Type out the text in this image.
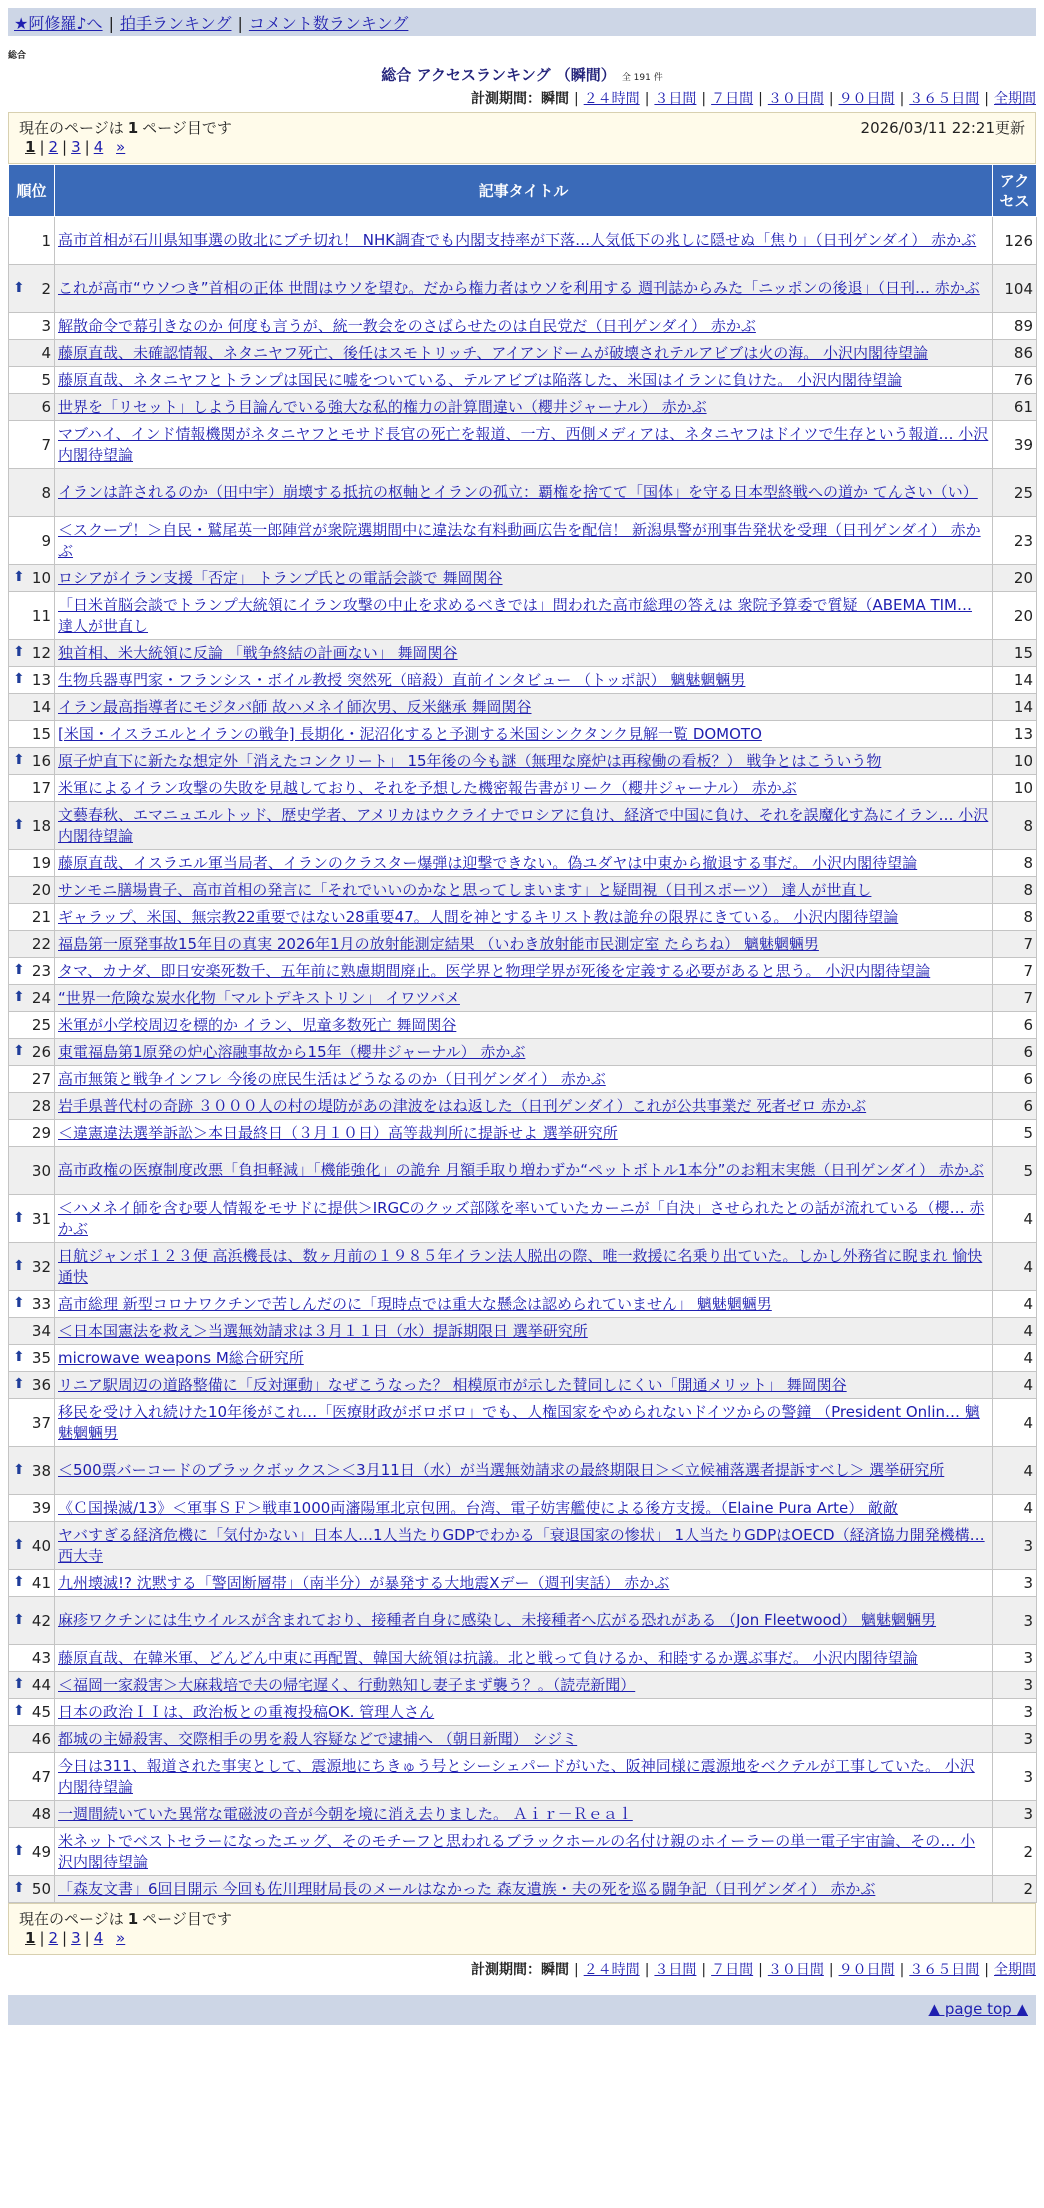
★阿修羅♪へ | 拍手ランキング | コメント数ランキング
総合
総合 アクセスランキング （瞬間） 全 191 件
計測期間：瞬間 | ２４時間 | ３日間 | ７日間 | ３０日間 | ９０日間 | ３６５日間 | 全期間
現在のページは 1 ページ目です	2026/03/11 22:21更新
1 | 2 | 3 | 4 »
順位	記事タイトル	アクセス
1	高市首相が石川県知事選の敗北にブチ切れ！ NHK調査でも内閣支持率が下落…人気低下の兆しに隠せぬ「焦り」（日刊ゲンダイ） 赤かぶ	126

⬆ 2	これが高市“ウソつき”首相の正体 世間はウソを望む。だから権力者はウソを利用する 週刊誌からみた「ニッポンの後退」（日刊… 赤かぶ	104
3	解散命令で幕引きなのか 何度も言うが、統一教会をのさばらせたのは自民党だ（日刊ゲンダイ） 赤かぶ	89
4	藤原直哉、未確認情報、ネタニヤフ死亡、後任はスモトリッチ、アイアンドームが破壊されテルアビブは火の海。 小沢内閣待望論	86
5	藤原直哉、ネタニヤフとトランプは国民に嘘をついている、テルアビブは陥落した、米国はイランに負けた。 小沢内閣待望論	76
6	世界を「リセット」しよう目論んでいる強大な私的権力の計算間違い（櫻井ジャーナル） 赤かぶ	61
7	マブハイ、インド情報機関がネタニヤフとモサド長官の死亡を報道、一方、西側メディアは、ネタニヤフはドイツで生存という報道… 小沢内閣待望論	39
8	イランは許されるのか（田中宇）崩壊する抵抗の枢軸とイランの孤立：覇権を捨てて「国体」を守る日本型終戦への道か てんさい（い）	25
9	＜スクープ！＞自民・鷲尾英一郎陣営が衆院選期間中に違法な有料動画広告を配信！ 新潟県警が刑事告発状を受理（日刊ゲンダイ） 赤かぶ	23

⬆ 10	ロシアがイラン支援「否定」 トランプ氏との電話会談で 舞岡関谷	20
11	「日米首脳会談でトランプ大統領にイラン攻撃の中止を求めるべきでは」問われた高市総理の答えは 衆院予算委で質疑（ABEMA TIM… 達人が世直し	20

⬆ 12	独首相、米大統領に反論 「戦争終結の計画ない」 舞岡関谷	15

⬆ 13	生物兵器専門家・フランシス・ボイル教授 突然死（暗殺）直前インタビュー （トッポ訳） 魑魅魍魎男	14
14	イラン最高指導者にモジタバ師 故ハメネイ師次男、反米継承 舞岡関谷	14
15	[米国・イスラエルとイランの戦争] 長期化・泥沼化すると予測する米国シンクタンク見解一覧 DOMOTO	13

⬆ 16	原子炉直下に新たな想定外「消えたコンクリート」 15年後の今も謎（無理な廃炉は再稼働の看板？） 戦争とはこういう物	10
17	米軍によるイラン攻撃の失敗を見越しており、それを予想した機密報告書がリーク（櫻井ジャーナル） 赤かぶ	10

⬆ 18	文藝春秋、エマニュエルトッド、歴史学者、アメリカはウクライナでロシアに負け、経済で中国に負け、それを誤魔化す為にイラン… 小沢内閣待望論	8
19	藤原直哉、イスラエル軍当局者、イランのクラスター爆弾は迎撃できない。偽ユダヤは中東から撤退する事だ。 小沢内閣待望論	8
20	サンモニ膳場貴子、高市首相の発言に「それでいいのかなと思ってしまいます」と疑問視（日刊スポーツ） 達人が世直し	8
21	ギャラップ、米国、無宗教22重要ではない28重要47。人間を神とするキリスト教は詭弁の限界にきている。 小沢内閣待望論	8
22	福島第一原発事故15年目の真実 2026年1月の放射能測定結果 （いわき放射能市民測定室 たらちね） 魑魅魍魎男	7

⬆ 23	タマ、カナダ、即日安楽死数千、五年前に熟慮期間廃止。医学界と物理学界が死後を定義する必要があると思う。 小沢内閣待望論	7

⬆ 24	“世界一危険な炭水化物「マルトデキストリン」 イワツバメ	7
25	米軍が小学校周辺を標的か イラン、児童多数死亡 舞岡関谷	6

⬆ 26	東電福島第1原発の炉心溶融事故から15年（櫻井ジャーナル） 赤かぶ	6
27	高市無策と戦争インフレ 今後の庶民生活はどうなるのか（日刊ゲンダイ） 赤かぶ	6
28	岩手県普代村の奇跡 ３０００人の村の堤防があの津波をはね返した（日刊ゲンダイ）これが公共事業だ 死者ゼロ 赤かぶ	6
29	＜違憲違法選挙訴訟＞本日最終日（３月１０日）高等裁判所に提訴せよ 選挙研究所	5
30	高市政権の医療制度改悪「負担軽減」「機能強化」の詭弁 月額手取り増わずか“ペットボトル1本分”のお粗末実態（日刊ゲンダイ） 赤かぶ	5

⬆ 31	＜ハメネイ師を含む要人情報をモサドに提供＞IRGCのクッズ部隊を率いていたカーニが「自決」させられたとの話が流れている（櫻… 赤かぶ	4

⬆ 32	日航ジャンボ１２３便 高浜機長は、数ヶ月前の１９８５年イラン法人脱出の際、唯一救援に名乗り出ていた。しかし外務省に睨まれ 愉快通快	4

⬆ 33	高市総理 新型コロナワクチンで苦しんだのに「現時点では重大な懸念は認められていません」 魑魅魍魎男	4
34	＜日本国憲法を救え＞当選無効請求は３月１１日（水）提訴期限日 選挙研究所	4

⬆ 35	microwave weapons M総合研究所	4

⬆ 36	リニア駅周辺の道路整備に「反対運動」なぜこうなった？ 相模原市が示した賛同しにくい「開通メリット」 舞岡関谷	4
37	移民を受け入れ続けた10年後がこれ…「医療財政がボロボロ」でも、人権国家をやめられないドイツからの警鐘 （President Onlin… 魑魅魍魎男	4

⬆ 38	＜500票バーコードのブラックボックス＞＜3月11日（水）が当選無効請求の最終期限日＞＜立候補落選者提訴すべし＞ 選挙研究所	4
39	《Ｃ国操滅/13》＜軍事ＳＦ＞戦車1000両瀋陽軍北京包囲。台湾、電子妨害艦使による後方支援。（Elaine Pura Arte） 敵敵	4

⬆ 40	ヤバすぎる経済危機に「気付かない」日本人…1人当たりGDPでわかる「衰退国家の惨状」 1人当たりGDPはOECD（経済協力開発機構… 西大寺	3

⬆ 41	九州壊滅!? 沈黙する「警固断層帯」（南半分）が暴発する大地震Xデー（週刊実話） 赤かぶ	3

⬆ 42	麻疹ワクチンには生ウイルスが含まれており、接種者自身に感染し、未接種者へ広がる恐れがある （Jon Fleetwood） 魑魅魍魎男	3
43	藤原直哉、在韓米軍、どんどん中東に再配置、韓国大統領は抗議。北と戦って負けるか、和睦するか選ぶ事だ。 小沢内閣待望論	3

⬆ 44	＜福岡一家殺害＞大麻栽培で夫の帰宅遅く、行動熟知し妻子まず襲う？。（読売新聞）	3

⬆ 45	日本の政治ＩＩは、政治板との重複投稿OK. 管理人さん	3
46	都城の主婦殺害、交際相手の男を殺人容疑などで逮捕へ （朝日新聞） シジミ	3
47	今日は311、報道された事実として、震源地にちきゅう号とシーシェパードがいた、阪神同様に震源地をベクテルが工事していた。 小沢内閣待望論	3
48	一週間続いていた異常な電磁波の音が今朝を境に消え去りました。 Ａｉｒ－Ｒｅａｌ	3

⬆ 49	米ネットでベストセラーになったエッグ、そのモチーフと思われるブラックホールの名付け親のホイーラーの単一電子宇宙論、その… 小沢内閣待望論	2

⬆ 50	「森友文書」6回目開示 今回も佐川理財局長のメールはなかった 森友遺族・夫の死を巡る闘争記（日刊ゲンダイ） 赤かぶ	2
現在のページは 1 ページ目です
1 | 2 | 3 | 4 »
計測期間：瞬間 | ２４時間 | ３日間 | ７日間 | ３０日間 | ９０日間 | ３６５日間 | 全期間
▲ page top ▲
